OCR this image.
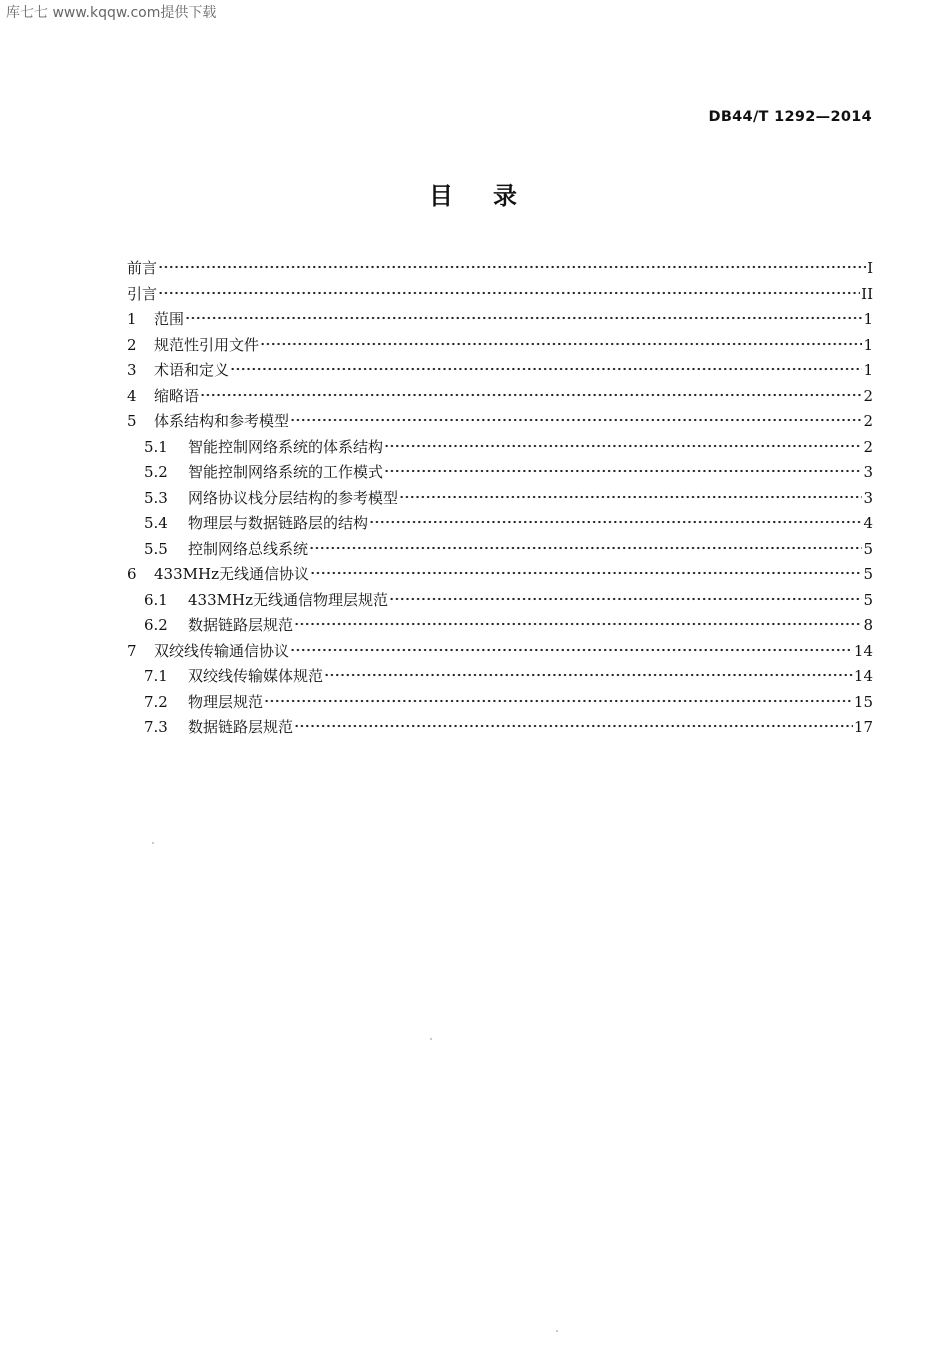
库七七 www.kqqw.com提供下载
DB44/T 1292—2014
目录
前言	I
引言	II
1	范围	1
2	规范性引用文件	1
3	术语和定义	1
4	缩略语	2
5	体系结构和参考模型	2
5.1	智能控制网络系统的体系结构	2
5.2	智能控制网络系统的工作模式	3
5.3	网络协议栈分层结构的参考模型	3
5.4	物理层与数据链路层的结构	4
5.5	控制网络总线系统	5
6	433MHz无线通信协议	5
6.1	433MHz无线通信物理层规范	5
6.2	数据链路层规范	8
7	双绞线传输通信协议	14
7.1	双绞线传输媒体规范	14
7.2	物理层规范	15
7.3	数据链路层规范	17
